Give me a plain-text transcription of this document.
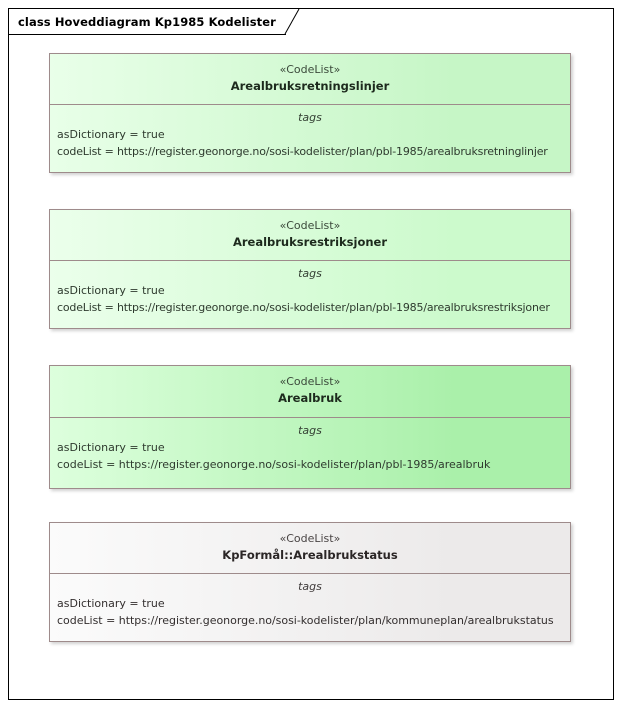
class Hoveddiagram Kp1985 Kodelister
«CodeList»
Arealbruksretningslinjer
tags
asDictionary = true
codeList = https://register.geonorge.no/sosi-kodelister/plan/pbl-1985/arealbruksretninglinjer
«CodeList»
Arealbruksrestriksjoner
tags
asDictionary = true
codeList = https://register.geonorge.no/sosi-kodelister/plan/pbl-1985/arealbruksrestriksjoner
«CodeList»
Arealbruk
tags
asDictionary = true
codeList = https://register.geonorge.no/sosi-kodelister/plan/pbl-1985/arealbruk
«CodeList»
KpFormål::Arealbrukstatus
tags
asDictionary = true
codeList = https://register.geonorge.no/sosi-kodelister/plan/kommuneplan/arealbrukstatus
